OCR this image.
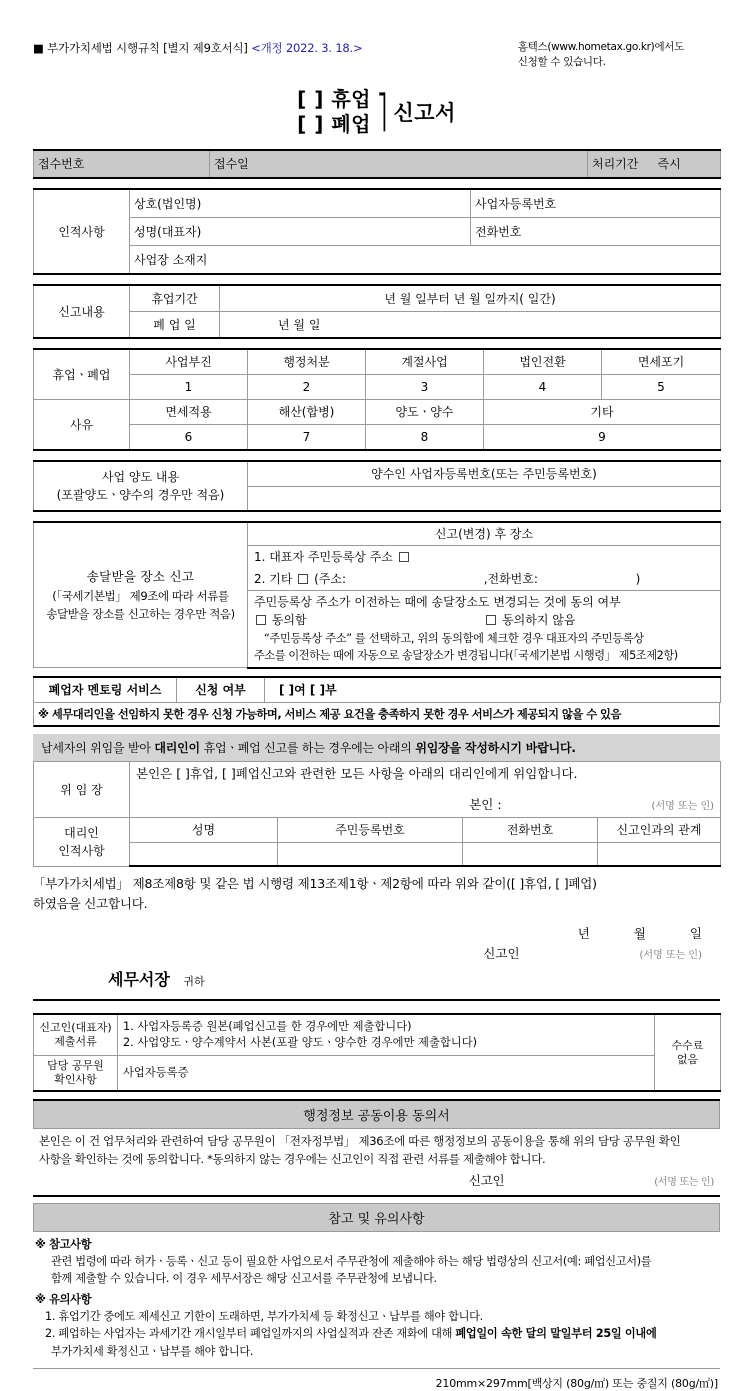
■ 부가가치세법 시행규칙 [별지 제9호서식] <개정 2022. 3. 18.>	홈텍스(www.hometax.go.kr)에서도
신청할 수 있습니다.
[ ] 휴업
[ ] 폐업 ⎤ 신고서
접수번호	접수일	처리기간	즉시
인적사항	상호(법인명)	사업자등록번호
	성명(대표자)	전화번호
	사업장 소재지	
신고내용	휴업기간	년 월 일부터 년 월 일까지( 일간)
	폐 업 일	년 월 일
휴업ㆍ폐업	사업부진	행정처분	계절사업	법인전환	면세포기
	1	2	3	4	5
사유	면세적용	해산(합병)	양도ㆍ양수	기타	
	6	7	8	9	
사업 양도 내용
(포괄양도ㆍ양수의 경우만 적음)
	양수인 사업자등록번호(또는 주민등록번호)

송달받을 장소 신고
(「국세기본법」 제9조에 따라 서류를
송달받을 장소를 신고하는 경우만 적음)
	신고(변경) 후 장소
1. 대표자 주민등록상 주소
2. 기타 (주소:	,전화번호:	)

주민등록상 주소가 이전하는 때에 송달장소도 변경되는 것에 동의 여부
동의함	동의하지 않음
“주민등록상 주소” 를 선택하고, 위의 동의함에 체크한 경우 대표자의 주민등록상
주소를 이전하는 때에 자동으로 송달장소가 변경됩니다(「국세기본법 시행령」 제5조제2항)
폐업자 멘토링 서비스	신청 여부	[ ]여 [ ]부
※ 세무대리인을 선임하지 못한 경우 신청 가능하며, 서비스 제공 요건을 충족하지 못한 경우 서비스가 제공되지 않을 수 있음
납세자의 위임을 받아 대리인이 휴업ㆍ폐업 신고를 하는 경우에는 아래의 위임장을 작성하시기 바랍니다.
위 임 장	본인은 [ ]휴업, [ ]폐업신고와 관련한 모든 사항을 아래의 대리인에게 위임합니다.
본인 : (서명 또는 인)			

대리인
인적사항	성명	주민등록번호	전화번호	신고인과의 관계

「부가가치세법」 제8조제8항 및 같은 법 시행령 제13조제1항ㆍ제2항에 따라 위와 같이([ ]휴업, [ ]폐업)
하였음을 신고합니다.
년	월	일
신고인	(서명 또는 인)
세무서장 귀하
신고인(대표자)
제출서류

1. 사업자등록증 원본(폐업신고를 한 경우에만 제출합니다)
2. 사업양도ㆍ양수계약서 사본(포괄 양도ㆍ양수한 경우에만 제출합니다)	수수료
없음

담당 공무원
확인사항	사업자등록증	
행정정보 공동이용 동의서
본인은 이 건 업무처리와 관련하여 담당 공무원이 「전자정부법」 제36조에 따른 행정정보의 공동이용을 통해 위의 담당 공무원 확인
사항을 확인하는 것에 동의합니다. *동의하지 않는 경우에는 신고인이 직접 관련 서류를 제출해야 합니다.
신고인	(서명 또는 인)
참고 및 유의사항
※ 참고사항
관련 법령에 따라 허가ㆍ등록ㆍ신고 등이 필요한 사업으로서 주무관청에 제출해야 하는 해당 법령상의 신고서(예: 폐업신고서)를
함께 제출할 수 있습니다. 이 경우 세무서장은 해당 신고서를 주무관청에 보냅니다.
※ 유의사항
1. 휴업기간 중에도 제세신고 기한이 도래하면, 부가가치세 등 확정신고ㆍ납부를 해야 합니다.
2. 폐업하는 사업자는 과세기간 개시일부터 폐업일까지의 사업실적과 잔존 재화에 대해 폐업일이 속한 달의 말일부터 25일 이내에
부가가치세 확정신고ㆍ납부를 해야 합니다.
210mm×297mm[백상지 (80g/㎡) 또는 중질지 (80g/㎡)]
